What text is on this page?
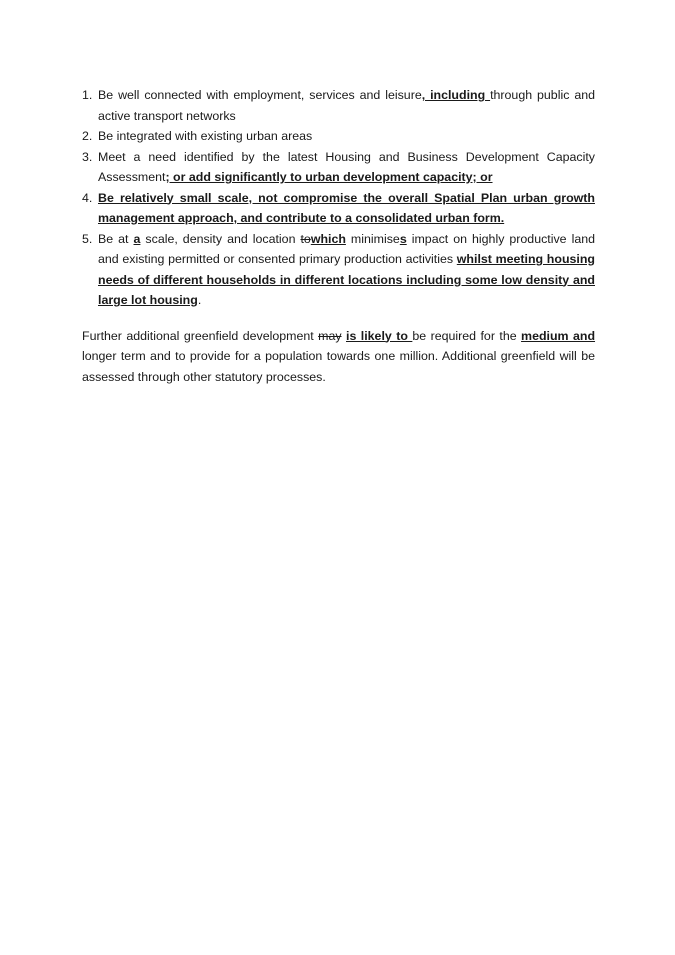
1. Be well connected with employment, services and leisure, including through public and active transport networks
2. Be integrated with existing urban areas
3. Meet a need identified by the latest Housing and Business Development Capacity Assessment; or add significantly to urban development capacity; or
4. Be relatively small scale, not compromise the overall Spatial Plan urban growth management approach, and contribute to a consolidated urban form.
5. Be at a scale, density and location towhich minimises impact on highly productive land and existing permitted or consented primary production activities whilst meeting housing needs of different households in different locations including some low density and large lot housing.

Further additional greenfield development may is likely to be required for the medium and longer term and to provide for a population towards one million. Additional greenfield will be assessed through other statutory processes.
